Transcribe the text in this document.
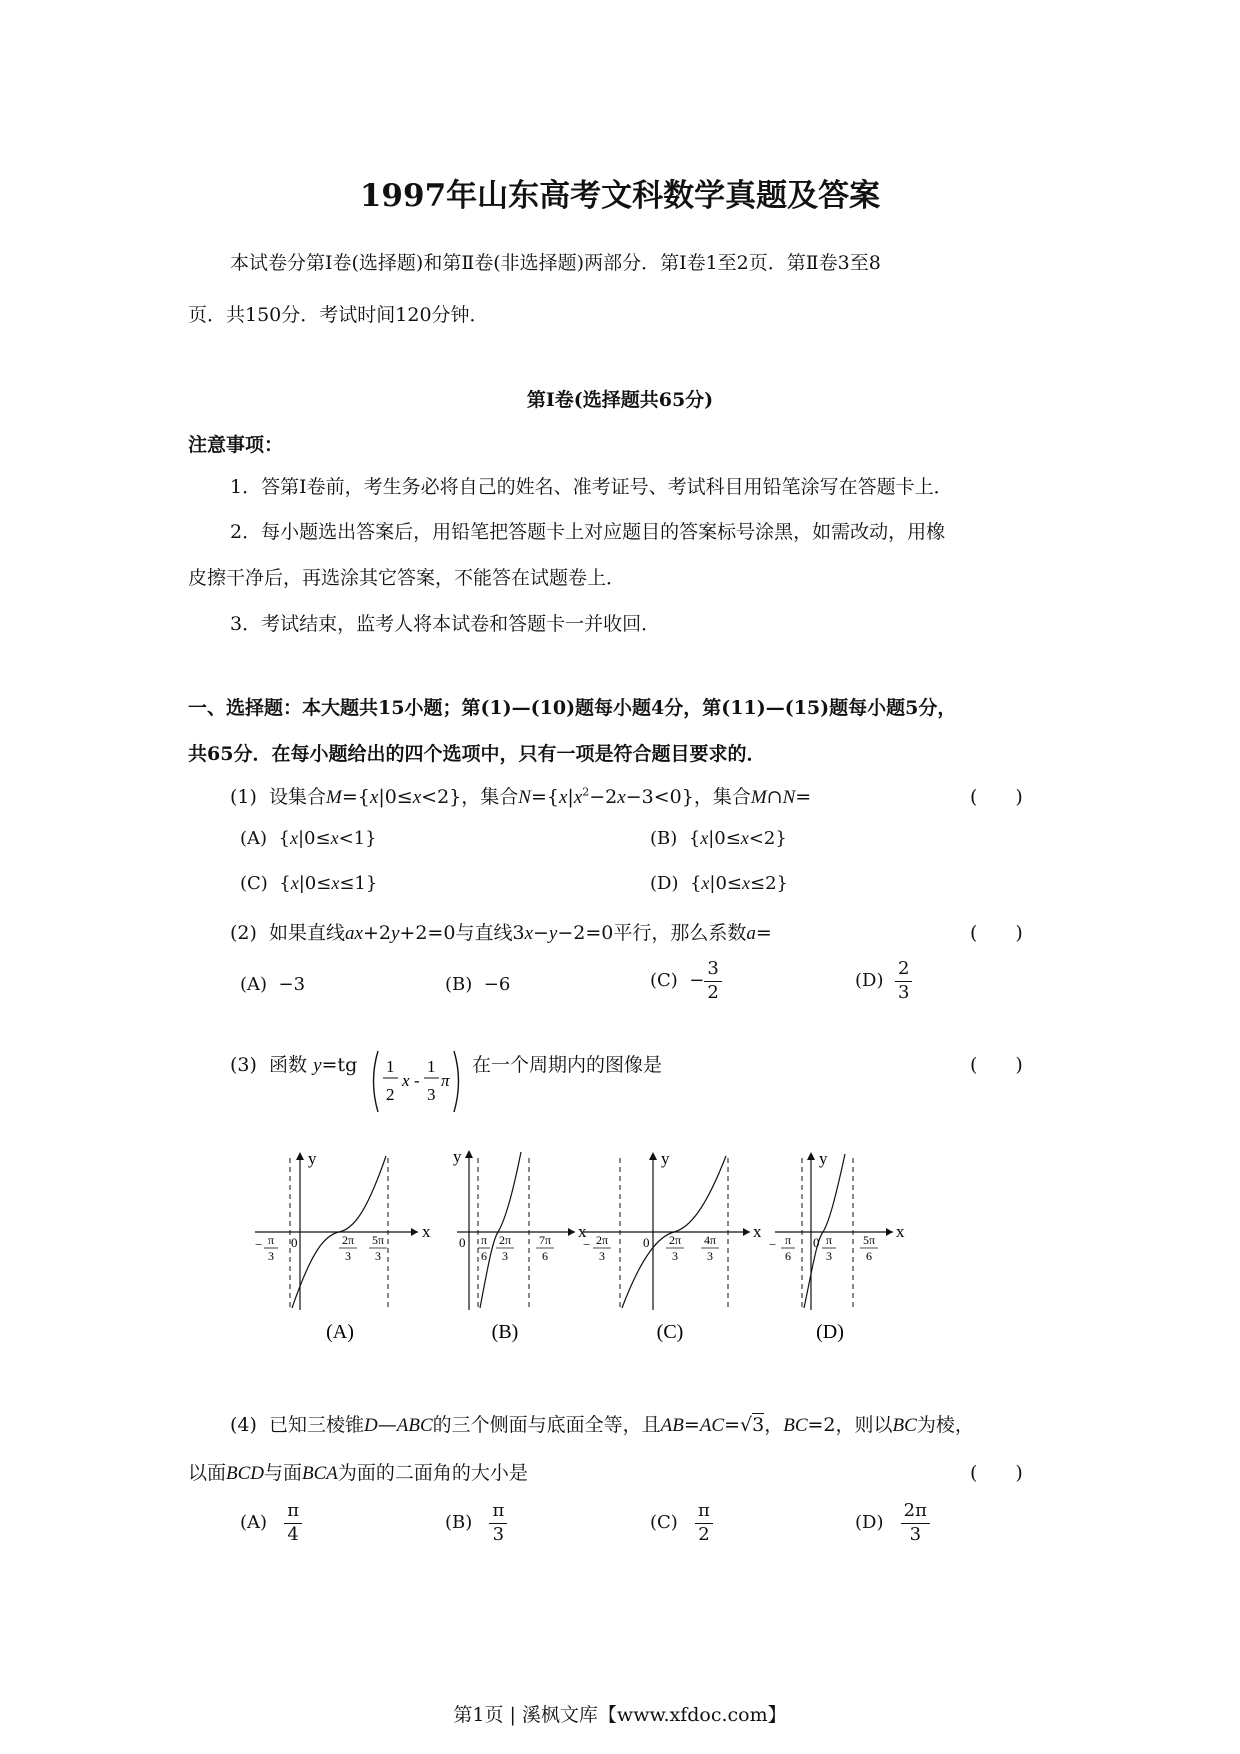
1997年山东高考文科数学真题及答案
本试卷分第Ⅰ卷(选择题)和第Ⅱ卷(非选择题)两部分．第Ⅰ卷1至2页．第Ⅱ卷3至8
页．共150分．考试时间120分钟．
第Ⅰ卷(选择题共65分)
注意事项：
1．答第Ⅰ卷前，考生务必将自己的姓名、准考证号、考试科目用铅笔涂写在答题卡上．
2．每小题选出答案后，用铅笔把答题卡上对应题目的答案标号涂黑，如需改动，用橡
皮擦干净后，再选涂其它答案，不能答在试题卷上．
3．考试结束，监考人将本试卷和答题卡一并收回．
一、选择题：本大题共15小题；第(1)—(10)题每小题4分，第(11)—(15)题每小题5分，
共65分．在每小题给出的四个选项中，只有一项是符合题目要求的．
(1) 设集合M={x|0≤x<2}，集合$N=\{x|x^2-2x-3<0\}$，集合M∩N=	(　　)
(A) {x|0≤x<1}	(B) {x|0≤x<2}
(C) {x|0≤x≤1}	(D) {x|0≤x≤2}
(2) 如果直线ax+2y+2=0与直线3x−y−2=0平行，那么系数a=	(　　)
(A) −3	(B) −6	$(C) - \frac{3}{2}$	$(D) \frac{2}{3}$
(3) 函数 y=tg 1
2
x -
1
3
π
在一个周期内的图像是	(　　)
y
x
0
− π
3
2π
3
5π
3
(A)
y
x
0 π
6
2π
3
7π
6
(B)
y
x
0
− 2π
3
2π
3
4π
3
(C)
y
x
0
− π
6
π
3
5π
6
(D)
(4) 已知三棱锥D—ABC的三个侧面与底面全等，且AB=AC=√3，BC=2，则以BC为棱，
以面BCD与面BCA为面的二面角的大小是	(　　)
$(A) \frac{\pi}{4}$	$(B) \frac{\pi}{3}$	$(C) \frac{\pi}{2}$	$(D) \frac{2\pi}{3}$
第1页 | 溪枫文库【www.xfdoc.com】
